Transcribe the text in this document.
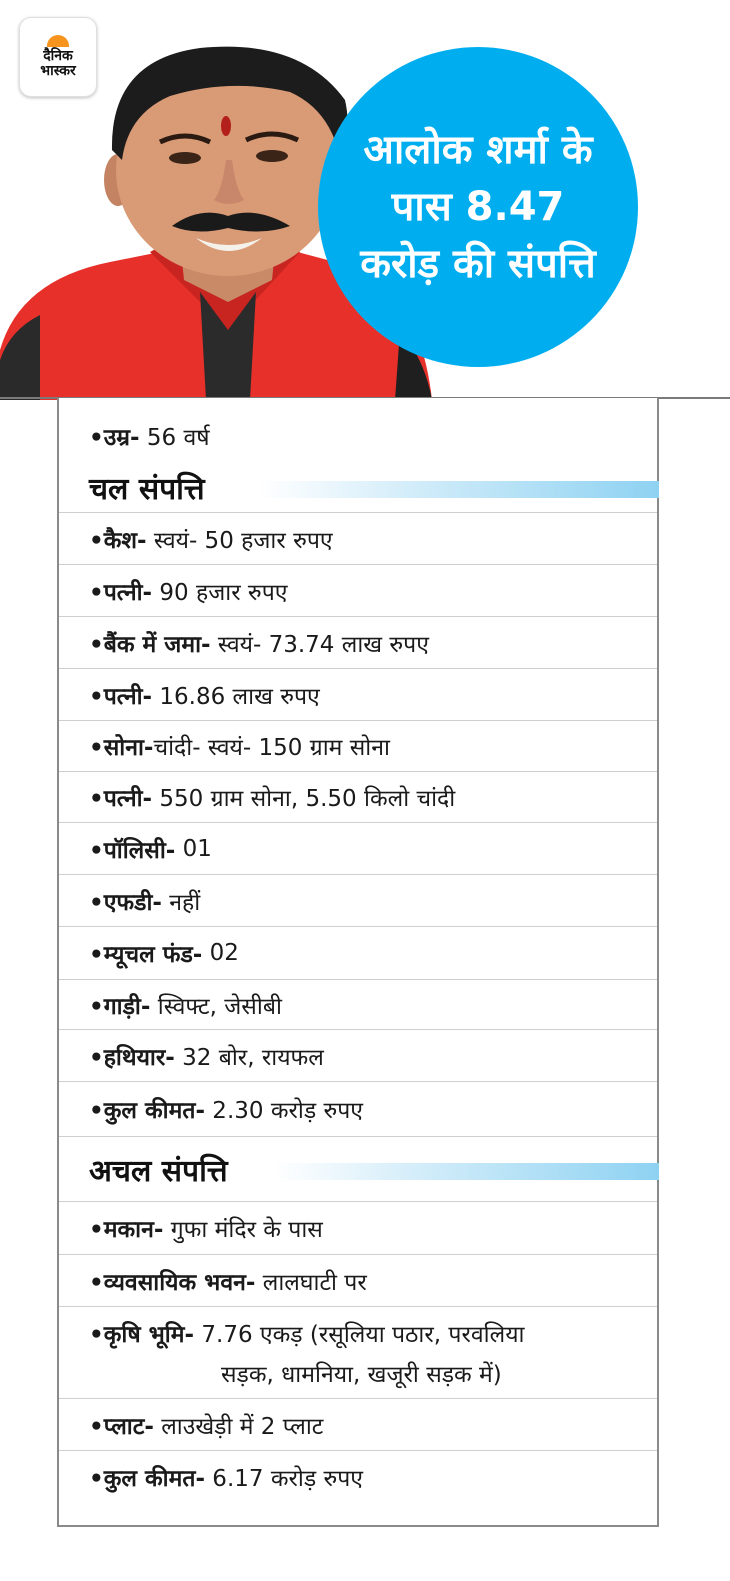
दैनिक
भास्कर
आलोक शर्मा के पास 8.47 करोड़ की संपत्ति
•उम्र- 56 वर्ष
चल संपत्ति
•कैश- स्वयं- 50 हजार रुपए
•पत्नी- 90 हजार रुपए
•बैंक में जमा- स्वयं- 73.74 लाख रुपए
•पत्नी- 16.86 लाख रुपए
•सोना- चांदी- स्वयं- 150 ग्राम सोना
•पत्नी- 550 ग्राम सोना, 5.50 किलो चांदी
•पॉलिसी- 01
•एफडी- नहीं
•म्यूचल फंड- 02
•गाड़ी- स्विफ्ट, जेसीबी
•हथियार- 32 बोर, रायफल
•कुल कीमत- 2.30 करोड़ रुपए
अचल संपत्ति
•मकान- गुफा मंदिर के पास
•व्यवसायिक भवन- लालघाटी पर
•कृषि भूमि- 7.76 एकड़ (रसूलिया पठार, परवलिया
सड़क, धामनिया, खजूरी सड़क में)
•प्लाट- लाउखेड़ी में 2 प्लाट
•कुल कीमत- 6.17 करोड़ रुपए
